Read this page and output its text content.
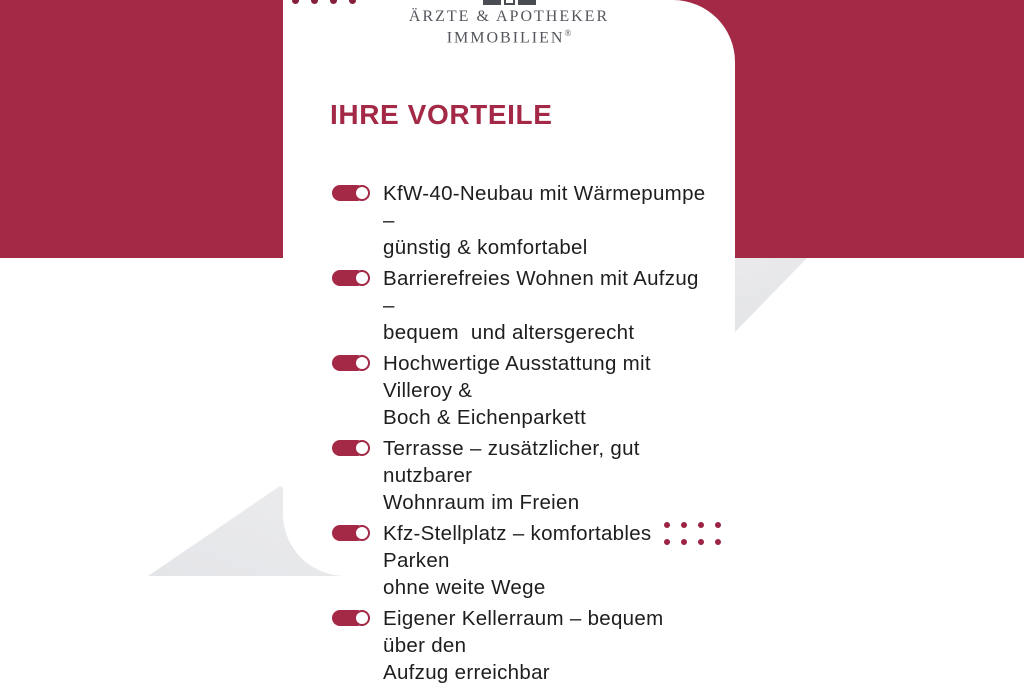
ÄRZTE & APOTHEKER
IMMOBILIEN®
IHRE VORTEILE
KfW-40-Neubau mit Wärmepumpe –
günstig & komfortabel
Barrierefreies Wohnen mit Aufzug –
bequem  und altersgerecht
Hochwertige Ausstattung mit Villeroy &
Boch & Eichenparkett
Terrasse – zusätzlicher, gut nutzbarer
Wohnraum im Freien
Kfz-Stellplatz – komfortables Parken
ohne weite Wege
Eigener Kellerraum – bequem über den
Aufzug erreichbar
